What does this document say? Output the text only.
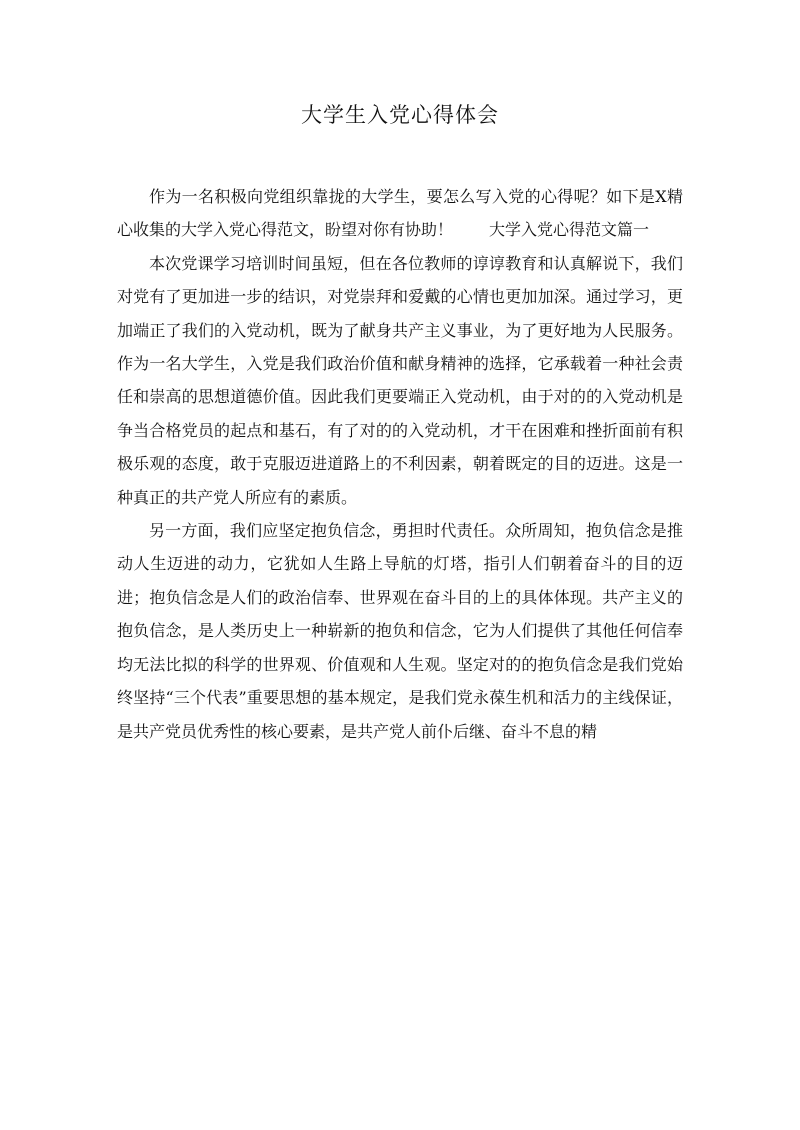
大学生入党心得体会

作为一名积极向党组织靠拢的大学生，要怎么写入党的心得呢？如下是X精心收集的大学入党心得范文，盼望对你有协助！ 大学入党心得范文篇一

本次党课学习培训时间虽短，但在各位教师的谆谆教育和认真解说下，我们对党有了更加进一步的结识，对党崇拜和爱戴的心情也更加加深。通过学习，更加端正了我们的入党动机，既为了献身共产主义事业，为了更好地为人民服务。作为一名大学生，入党是我们政治价值和献身精神的选择，它承载着一种社会责任和崇高的思想道德价值。因此我们更要端正入党动机，由于对的的入党动机是争当合格党员的起点和基石，有了对的的入党动机，才干在困难和挫折面前有积极乐观的态度，敢于克服迈进道路上的不利因素，朝着既定的目的迈进。这是一种真正的共产党人所应有的素质。

另一方面，我们应坚定抱负信念，勇担时代责任。众所周知，抱负信念是推动人生迈进的动力，它犹如人生路上导航的灯塔，指引人们朝着奋斗的目的迈进；抱负信念是人们的政治信奉、世界观在奋斗目的上的具体体现。共产主义的抱负信念，是人类历史上一种崭新的抱负和信念，它为人们提供了其他任何信奉均无法比拟的科学的世界观、价值观和人生观。坚定对的的抱负信念是我们党始终坚持“三个代表”重要思想的基本规定，是我们党永葆生机和活力的主线保证，是共产党员优秀性的核心要素，是共产党人前仆后继、奋斗不息的精
